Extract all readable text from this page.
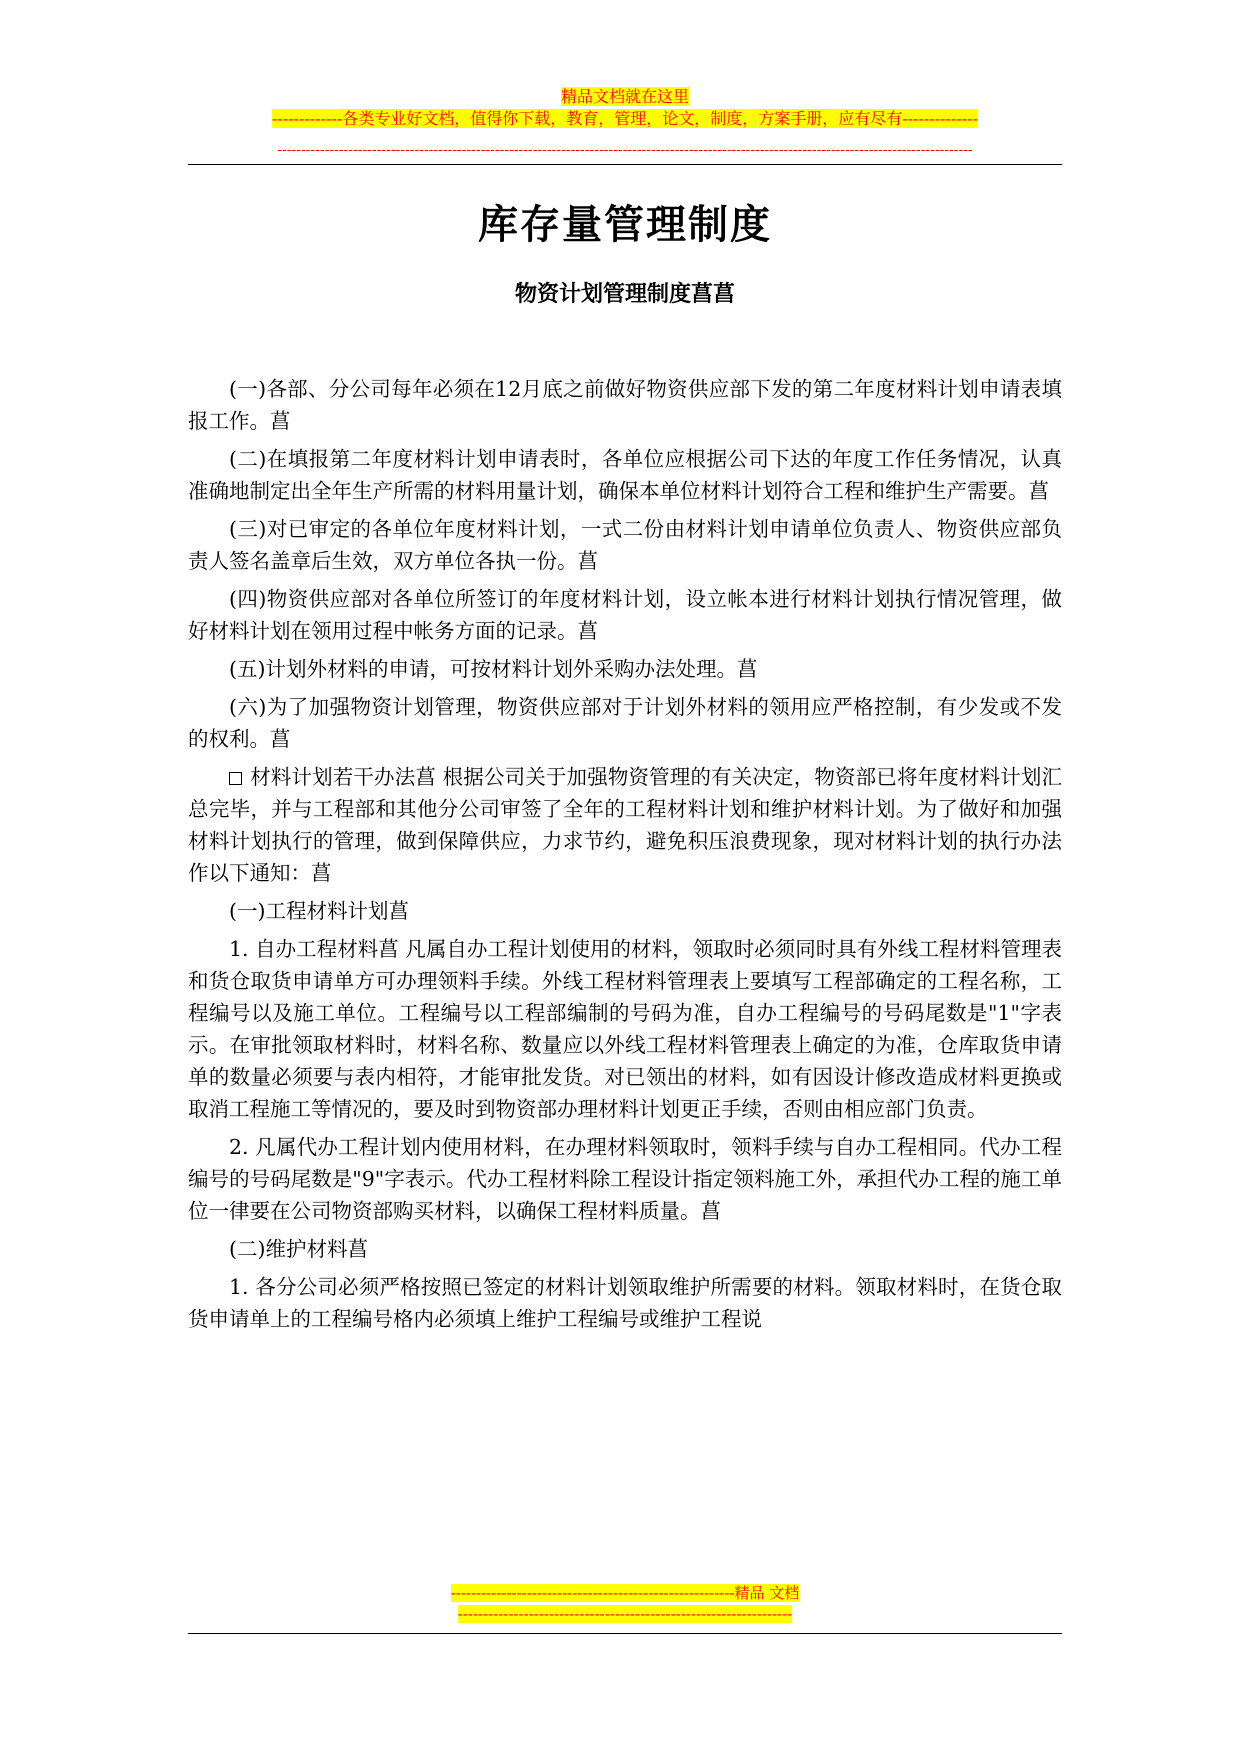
精品文档就在这里
-------------各类专业好文档，值得你下载，教育，管理，论文，制度，方案手册，应有尽有--------------
---------------------------------------------------------------------------------------------------------------------------------------------------
库存量管理制度
物资计划管理制度菖菖

(一)各部、分公司每年必须在12月底之前做好物资供应部下发的第二年度材料计划申请表填报工作。菖

(二)在填报第二年度材料计划申请表时，各单位应根据公司下达的年度工作任务情况，认真准确地制定出全年生产所需的材料用量计划，确保本单位材料计划符合工程和维护生产需要。菖

(三)对已审定的各单位年度材料计划，一式二份由材料计划申请单位负责人、物资供应部负责人签名盖章后生效，双方单位各执一份。菖

(四)物资供应部对各单位所签订的年度材料计划，设立帐本进行材料计划执行情况管理，做好材料计划在领用过程中帐务方面的记录。菖

(五)计划外材料的申请，可按材料计划外采购办法处理。菖

(六)为了加强物资计划管理，物资供应部对于计划外材料的领用应严格控制，有少发或不发的权利。菖

材料计划若干办法菖 根据公司关于加强物资管理的有关决定，物资部已将年度材料计划汇总完毕，并与工程部和其他分公司审签了全年的工程材料计划和维护材料计划。为了做好和加强材料计划执行的管理，做到保障供应，力求节约，避免积压浪费现象，现对材料计划的执行办法作以下通知：菖

(一)工程材料计划菖

1. 自办工程材料菖 凡属自办工程计划使用的材料，领取时必须同时具有外线工程材料管理表和货仓取货申请单方可办理领料手续。外线工程材料管理表上要填写工程部确定的工程名称，工程编号以及施工单位。工程编号以工程部编制的号码为准，自办工程编号的号码尾数是"1"字表示。在审批领取材料时，材料名称、数量应以外线工程材料管理表上确定的为准，仓库取货申请单的数量必须要与表内相符，才能审批发货。对已领出的材料，如有因设计修改造成材料更换或取消工程施工等情况的，要及时到物资部办理材料计划更正手续，否则由相应部门负责。

2. 凡属代办工程计划内使用材料，在办理材料领取时，领料手续与自办工程相同。代办工程编号的号码尾数是"9"字表示。代办工程材料除工程设计指定领料施工外，承担代办工程的施工单位一律要在公司物资部购买材料，以确保工程材料质量。菖

(二)维护材料菖

1. 各分公司必须严格按照已签定的材料计划领取维护所需要的材料。领取材料时，在货仓取货申请单上的工程编号格内必须填上维护工程编号或维护工程说

--------------------------------------------------------精品 文档
------------------------------------------------------------------
